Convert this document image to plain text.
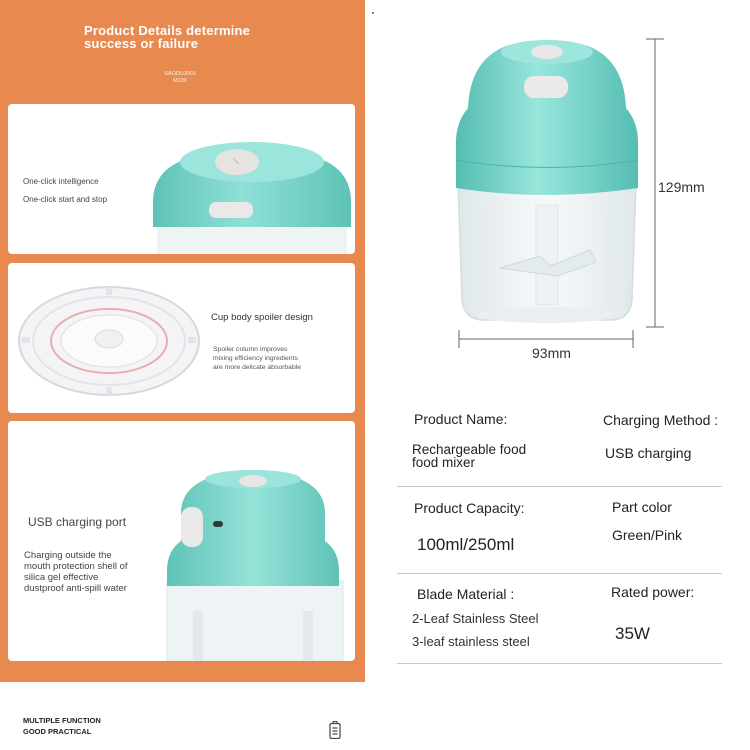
Product Details determine
success or failure
SAODUJ001
M130
One-click intelligence
One-click start and stop
Cup body spoiler design
Spoiler column improves
mixing efficiency ingredients
are more delicate absorbable
USB charging port
Charging outside the
mouth protection shell of
silica gel effective
dustproof anti-spill water
MULTIPLE FUNCTION
GOOD PRACTICAL
129mm
93mm
Product Name:
Rechargeable food
food mixer
Charging Method :
USB charging
Product Capacity:
100ml/250ml
Part color
Green/Pink
Blade Material :
2-Leaf Stainless Steel
3-leaf stainless steel
Rated power:
35W
